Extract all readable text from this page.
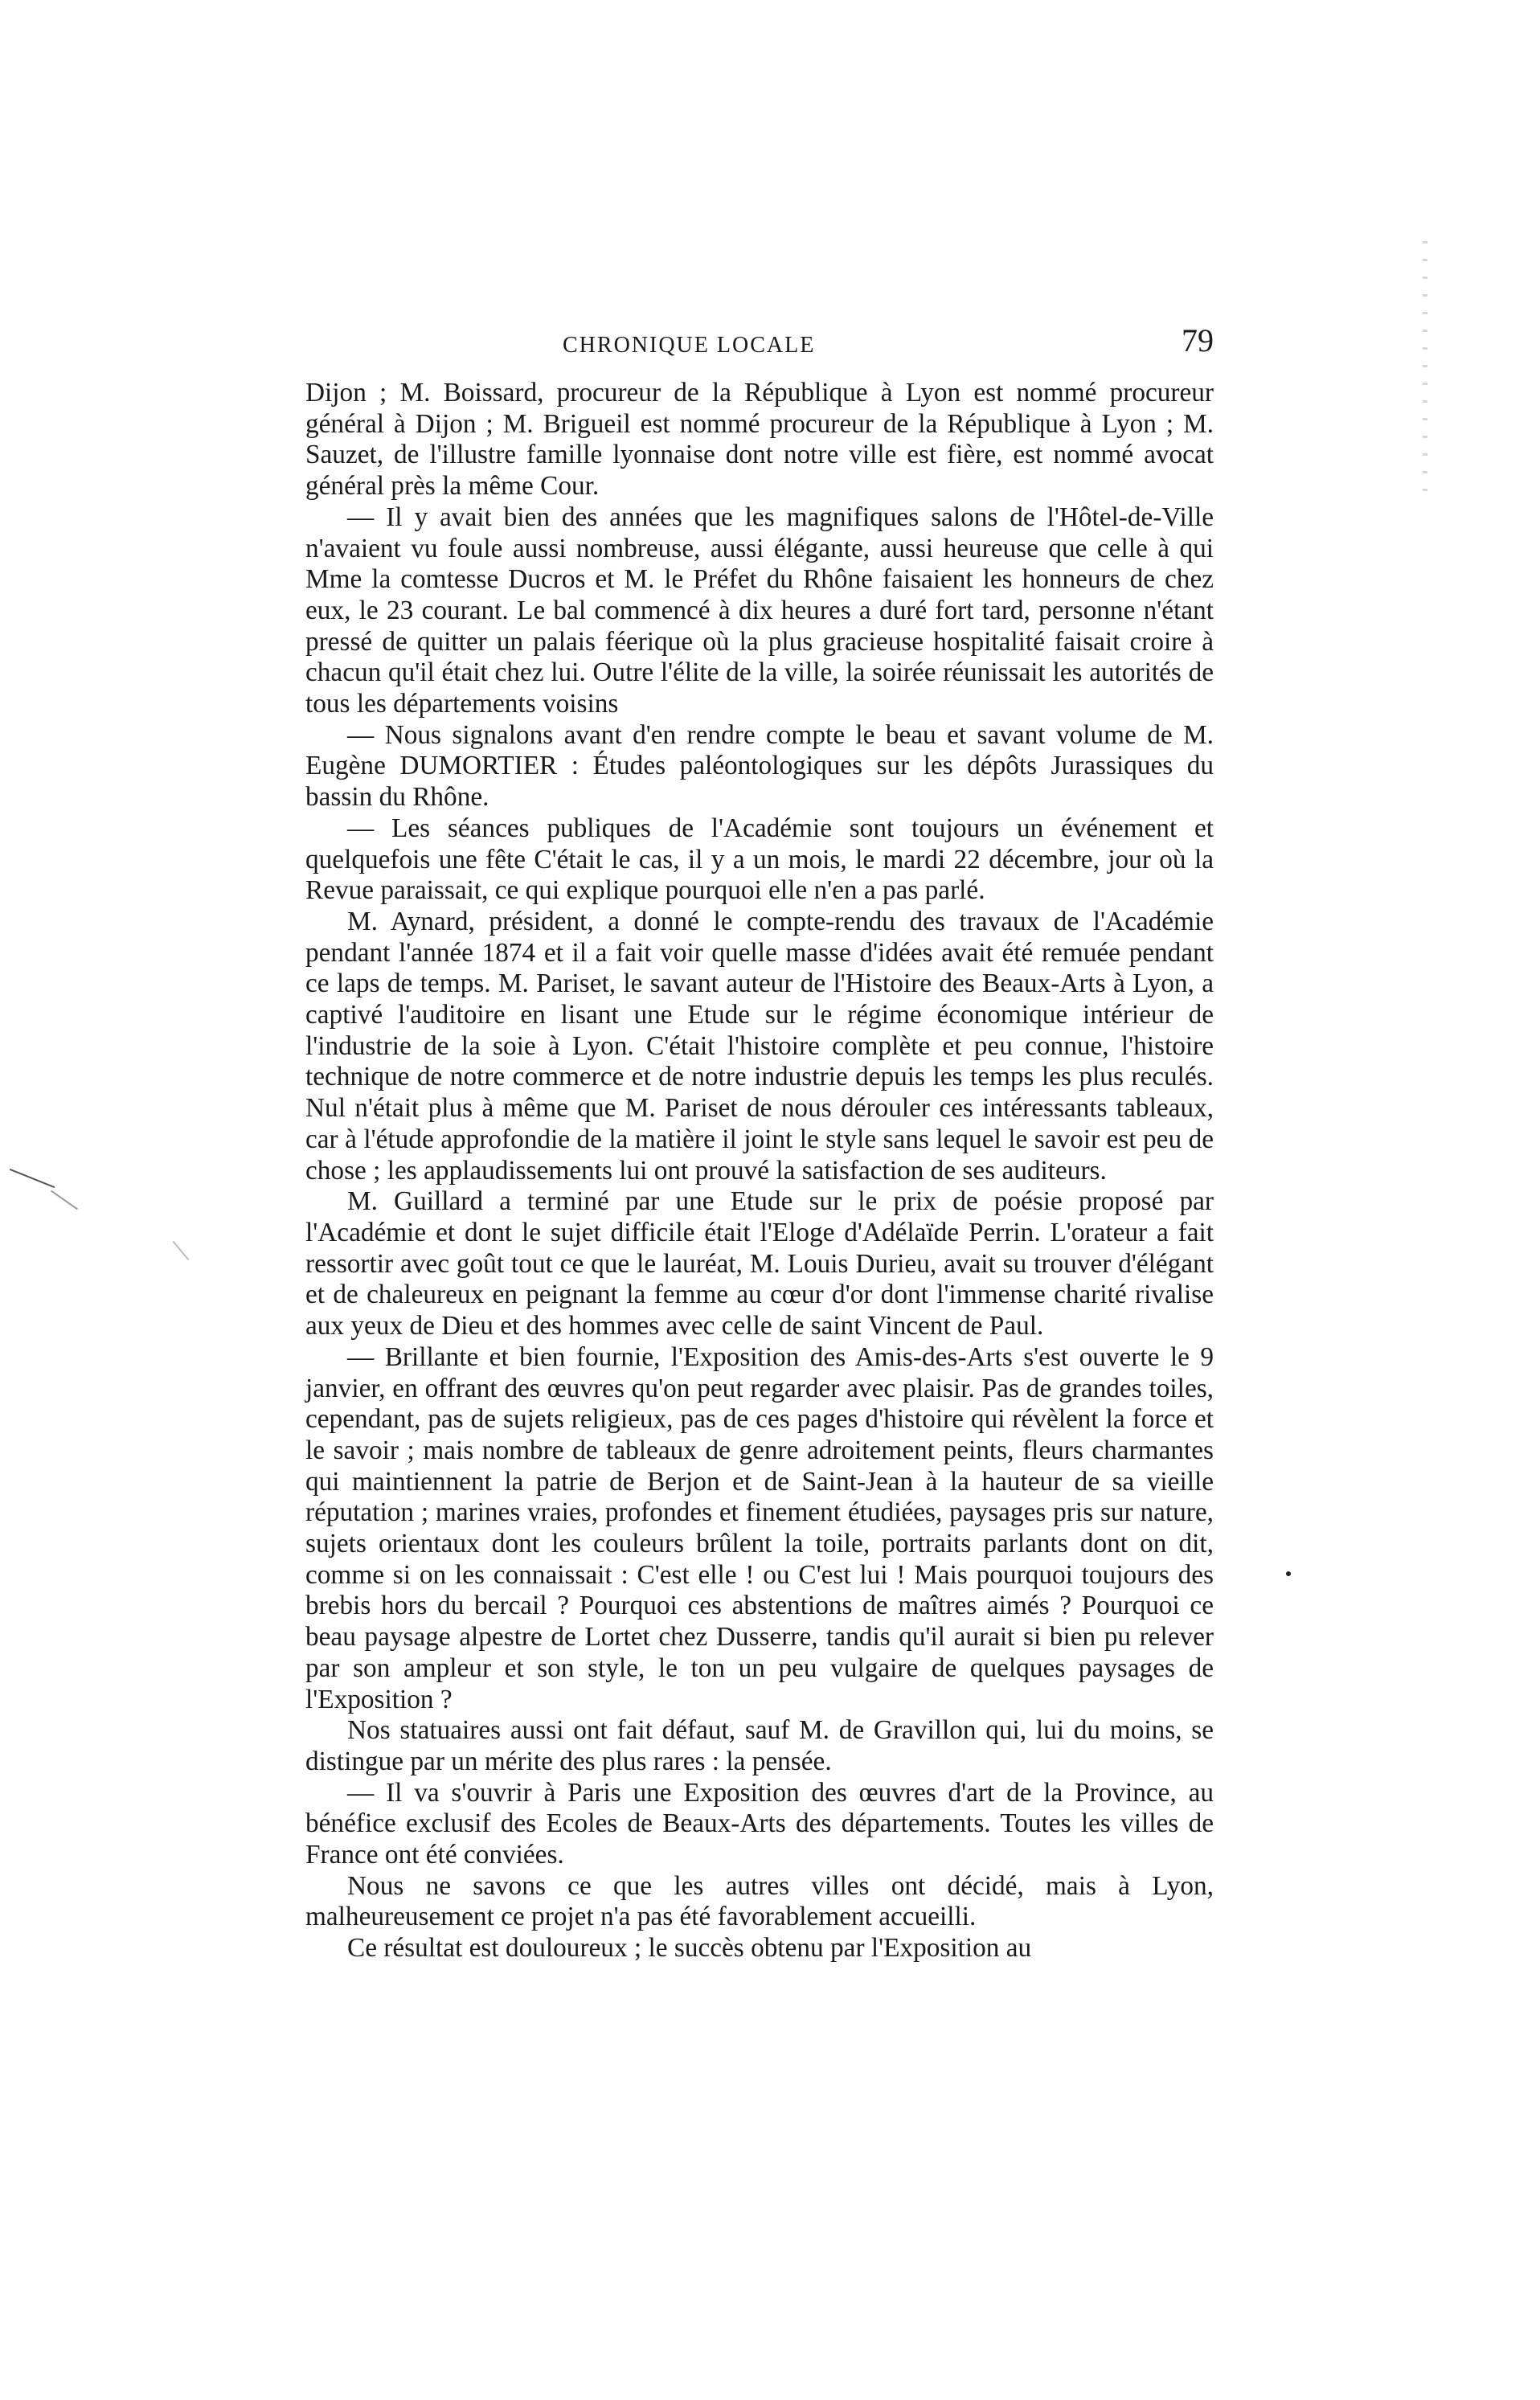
CHRONIQUE LOCALE	79

Dijon ; M. Boissard, procureur de la République à Lyon est nommé procureur général à Dijon ; M. Brigueil est nommé procureur de la République à Lyon ; M. Sauzet, de l'illustre famille lyonnaise dont notre ville est fière, est nommé avocat général près la même Cour.

— Il y avait bien des années que les magnifiques salons de l'Hôtel-de-Ville n'avaient vu foule aussi nombreuse, aussi élégante, aussi heureuse que celle à qui Mme la comtesse Ducros et M. le Préfet du Rhône faisaient les honneurs de chez eux, le 23 courant. Le bal commencé à dix heures a duré fort tard, personne n'étant pressé de quitter un palais féerique où la plus gracieuse hospitalité faisait croire à chacun qu'il était chez lui. Outre l'élite de la ville, la soirée réunissait les autorités de tous les départements voisins

— Nous signalons avant d'en rendre compte le beau et savant volume de M. Eugène DUMORTIER : Études paléontologiques sur les dépôts Jurassiques du bassin du Rhône.

— Les séances publiques de l'Académie sont toujours un événement et quelquefois une fête C'était le cas, il y a un mois, le mardi 22 décembre, jour où la Revue paraissait, ce qui explique pourquoi elle n'en a pas parlé.

M. Aynard, président, a donné le compte-rendu des travaux de l'Académie pendant l'année 1874 et il a fait voir quelle masse d'idées avait été remuée pendant ce laps de temps. M. Pariset, le savant auteur de l'Histoire des Beaux-Arts à Lyon, a captivé l'auditoire en lisant une Etude sur le régime économique intérieur de l'industrie de la soie à Lyon. C'était l'histoire complète et peu connue, l'histoire technique de notre commerce et de notre industrie depuis les temps les plus reculés. Nul n'était plus à même que M. Pariset de nous dérouler ces intéressants tableaux, car à l'étude approfondie de la matière il joint le style sans lequel le savoir est peu de chose ; les applaudissements lui ont prouvé la satisfaction de ses auditeurs.

M. Guillard a terminé par une Etude sur le prix de poésie proposé par l'Académie et dont le sujet difficile était l'Eloge d'Adélaïde Perrin. L'orateur a fait ressortir avec goût tout ce que le lauréat, M. Louis Durieu, avait su trouver d'élégant et de chaleureux en peignant la femme au cœur d'or dont l'immense charité rivalise aux yeux de Dieu et des hommes avec celle de saint Vincent de Paul.

— Brillante et bien fournie, l'Exposition des Amis-des-Arts s'est ouverte le 9 janvier, en offrant des œuvres qu'on peut regarder avec plaisir. Pas de grandes toiles, cependant, pas de sujets religieux, pas de ces pages d'histoire qui révèlent la force et le savoir ; mais nombre de tableaux de genre adroitement peints, fleurs charmantes qui maintiennent la patrie de Berjon et de Saint-Jean à la hauteur de sa vieille réputation ; marines vraies, profondes et finement étudiées, paysages pris sur nature, sujets orientaux dont les couleurs brûlent la toile, portraits parlants dont on dit, comme si on les connaissait : C'est elle ! ou C'est lui ! Mais pourquoi toujours des brebis hors du bercail ? Pourquoi ces abstentions de maîtres aimés ? Pourquoi ce beau paysage alpestre de Lortet chez Dusserre, tandis qu'il aurait si bien pu relever par son ampleur et son style, le ton un peu vulgaire de quelques paysages de l'Exposition ?

Nos statuaires aussi ont fait défaut, sauf M. de Gravillon qui, lui du moins, se distingue par un mérite des plus rares : la pensée.

— Il va s'ouvrir à Paris une Exposition des œuvres d'art de la Province, au bénéfice exclusif des Ecoles de Beaux-Arts des départements. Toutes les villes de France ont été conviées.

Nous ne savons ce que les autres villes ont décidé, mais à Lyon, malheureusement ce projet n'a pas été favorablement accueilli.

Ce résultat est douloureux ; le succès obtenu par l'Exposition au
